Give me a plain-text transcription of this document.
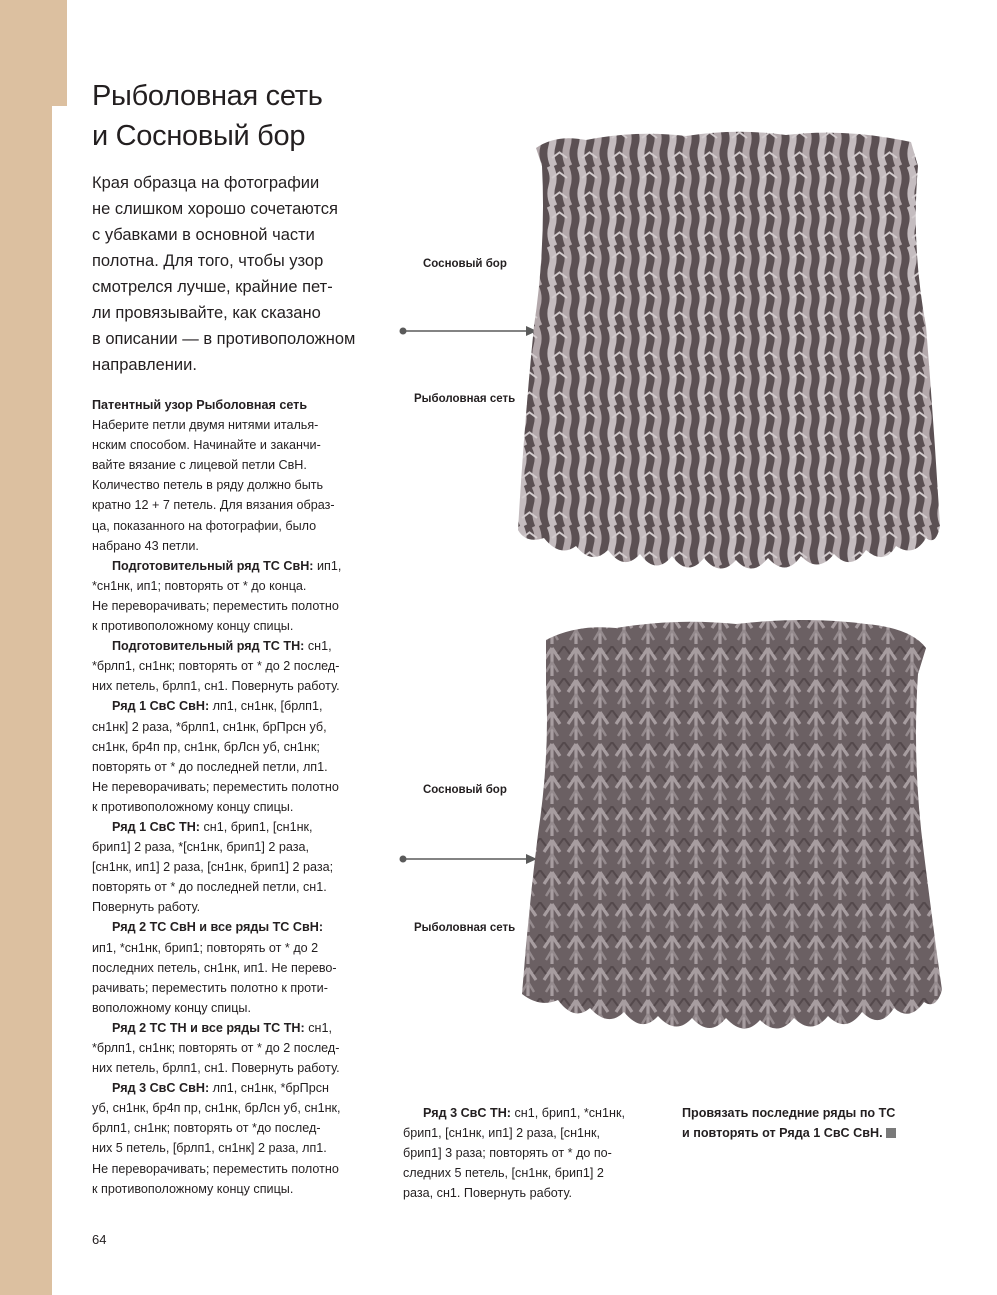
Рыболовная сеть
и Сосновый бор

Края образца на фотографии
не слишком хорошо сочетаются
с убавками в основной части
полотна. Для того, чтобы узор
смотрелся лучше, крайние пет-
ли провязывайте, как сказано
в описании — в противоположном
направлении.

Патентный узор Рыболовная сеть
Наберите петли двумя нитями италья-
нским способом. Начинайте и заканчи-
вайте вязание с лицевой петли СвН.
Количество петель в ряду должно быть
кратно 12 + 7 петель. Для вязания образ-
ца, показанного на фотографии, было
набрано 43 петли.
Подготовительный ряд ТС СвН: ип1,
*сн1нк, ип1; повторять от * до конца.
Не переворачивать; переместить полотно
к противоположному концу спицы.
Подготовительный ряд ТС ТН: сн1,
*брлп1, сн1нк; повторять от * до 2 послед-
них петель, брлп1, сн1. Повернуть работу.
Ряд 1 СвС СвН: лп1, сн1нк, [брлп1,
сн1нк] 2 раза, *брлп1, сн1нк, брПрсн уб,
сн1нк, бр4п пр, сн1нк, брЛсн уб, сн1нк;
повторять от * до последней петли, лп1.
Не переворачивать; переместить полотно
к противоположному концу спицы.
Ряд 1 СвС ТН: сн1, брип1, [сн1нк,
брип1] 2 раза, *[сн1нк, брип1] 2 раза,
[сн1нк, ип1] 2 раза, [сн1нк, брип1] 2 раза;
повторять от * до последней петли, сн1.
Повернуть работу.
Ряд 2 ТС СвН и все ряды ТС СвН:
ип1, *сн1нк, брип1; повторять от * до 2
последних петель, сн1нк, ип1. Не перево-
рачивать; переместить полотно к проти-
воположному концу спицы.
Ряд 2 ТС ТН и все ряды ТС ТН: сн1,
*брлп1, сн1нк; повторять от * до 2 послед-
них петель, брлп1, сн1. Повернуть работу.
Ряд 3 СвС СвН: лп1, сн1нк, *брПрсн
уб, сн1нк, бр4п пр, сн1нк, брЛсн уб, сн1нк,
брлп1, сн1нк; повторять от *до послед-
них 5 петель, [брлп1, сн1нк] 2 раза, лп1.
Не переворачивать; переместить полотно
к противоположному концу спицы.
Ряд 3 СвС ТН: сн1, брип1, *сн1нк,
брип1, [сн1нк, ип1] 2 раза, [сн1нк,
брип1] 3 раза; повторять от * до по-
следних 5 петель, [сн1нк, брип1] 2
раза, сн1. Повернуть работу.
Провязать последние ряды по ТС
и повторять от Ряда 1 СвС СвН.
64
Сосновый бор
Рыболовная сеть
Сосновый бор
Рыболовная сеть
